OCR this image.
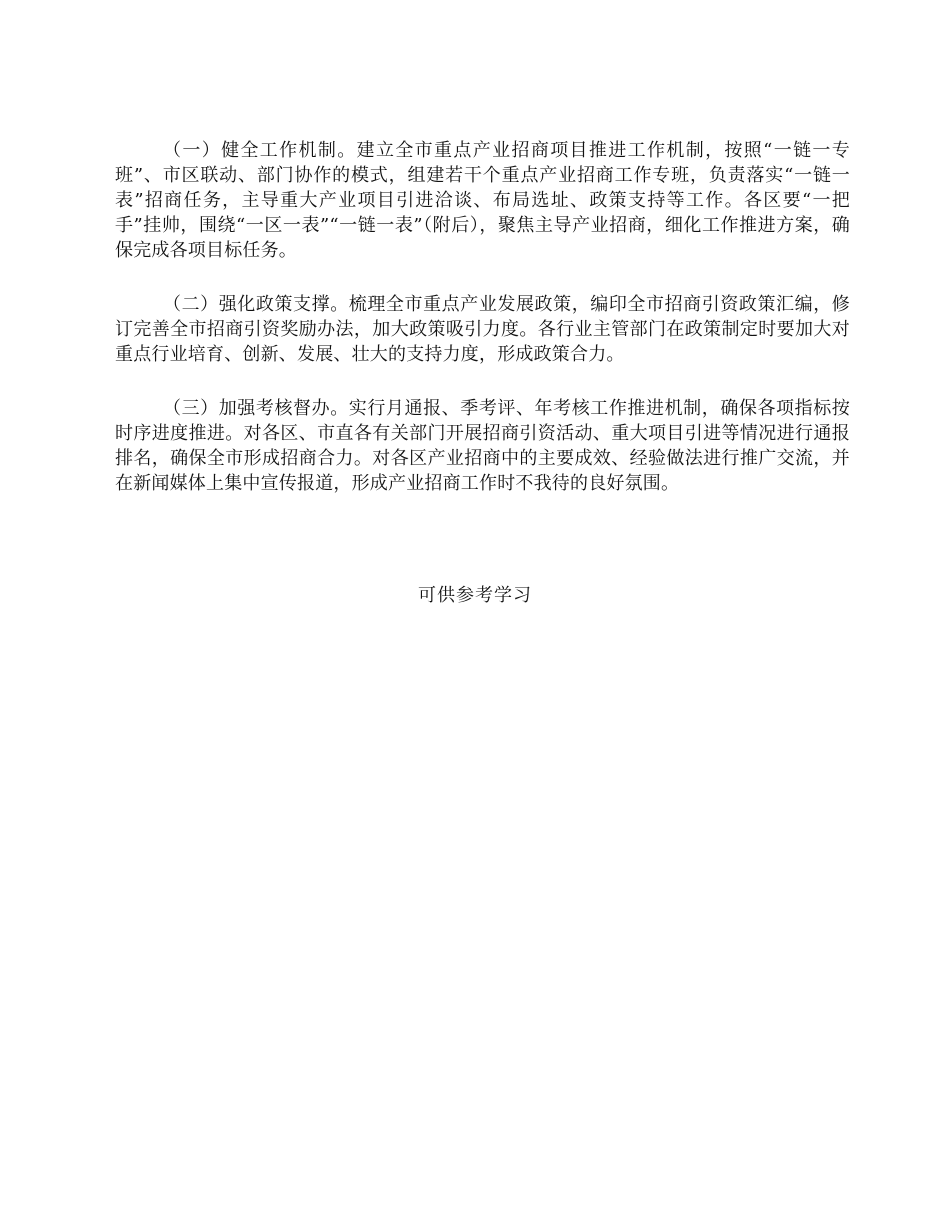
（一）健全工作机制。建立全市重点产业招商项目推进工作机制，按照“一链一专班”、市区联动、部门协作的模式，组建若干个重点产业招商工作专班，负责落实“一链一表”招商任务，主导重大产业项目引进洽谈、布局选址、政策支持等工作。各区要“一把手”挂帅，围绕“一区一表”“一链一表”（附后），聚焦主导产业招商，细化工作推进方案，确保完成各项目标任务。

（二）强化政策支撑。梳理全市重点产业发展政策，编印全市招商引资政策汇编，修订完善全市招商引资奖励办法，加大政策吸引力度。各行业主管部门在政策制定时要加大对重点行业培育、创新、发展、壮大的支持力度，形成政策合力。

（三）加强考核督办。实行月通报、季考评、年考核工作推进机制，确保各项指标按时序进度推进。对各区、市直各有关部门开展招商引资活动、重大项目引进等情况进行通报排名，确保全市形成招商合力。对各区产业招商中的主要成效、经验做法进行推广交流，并在新闻媒体上集中宣传报道，形成产业招商工作时不我待的良好氛围。

可供参考学习
